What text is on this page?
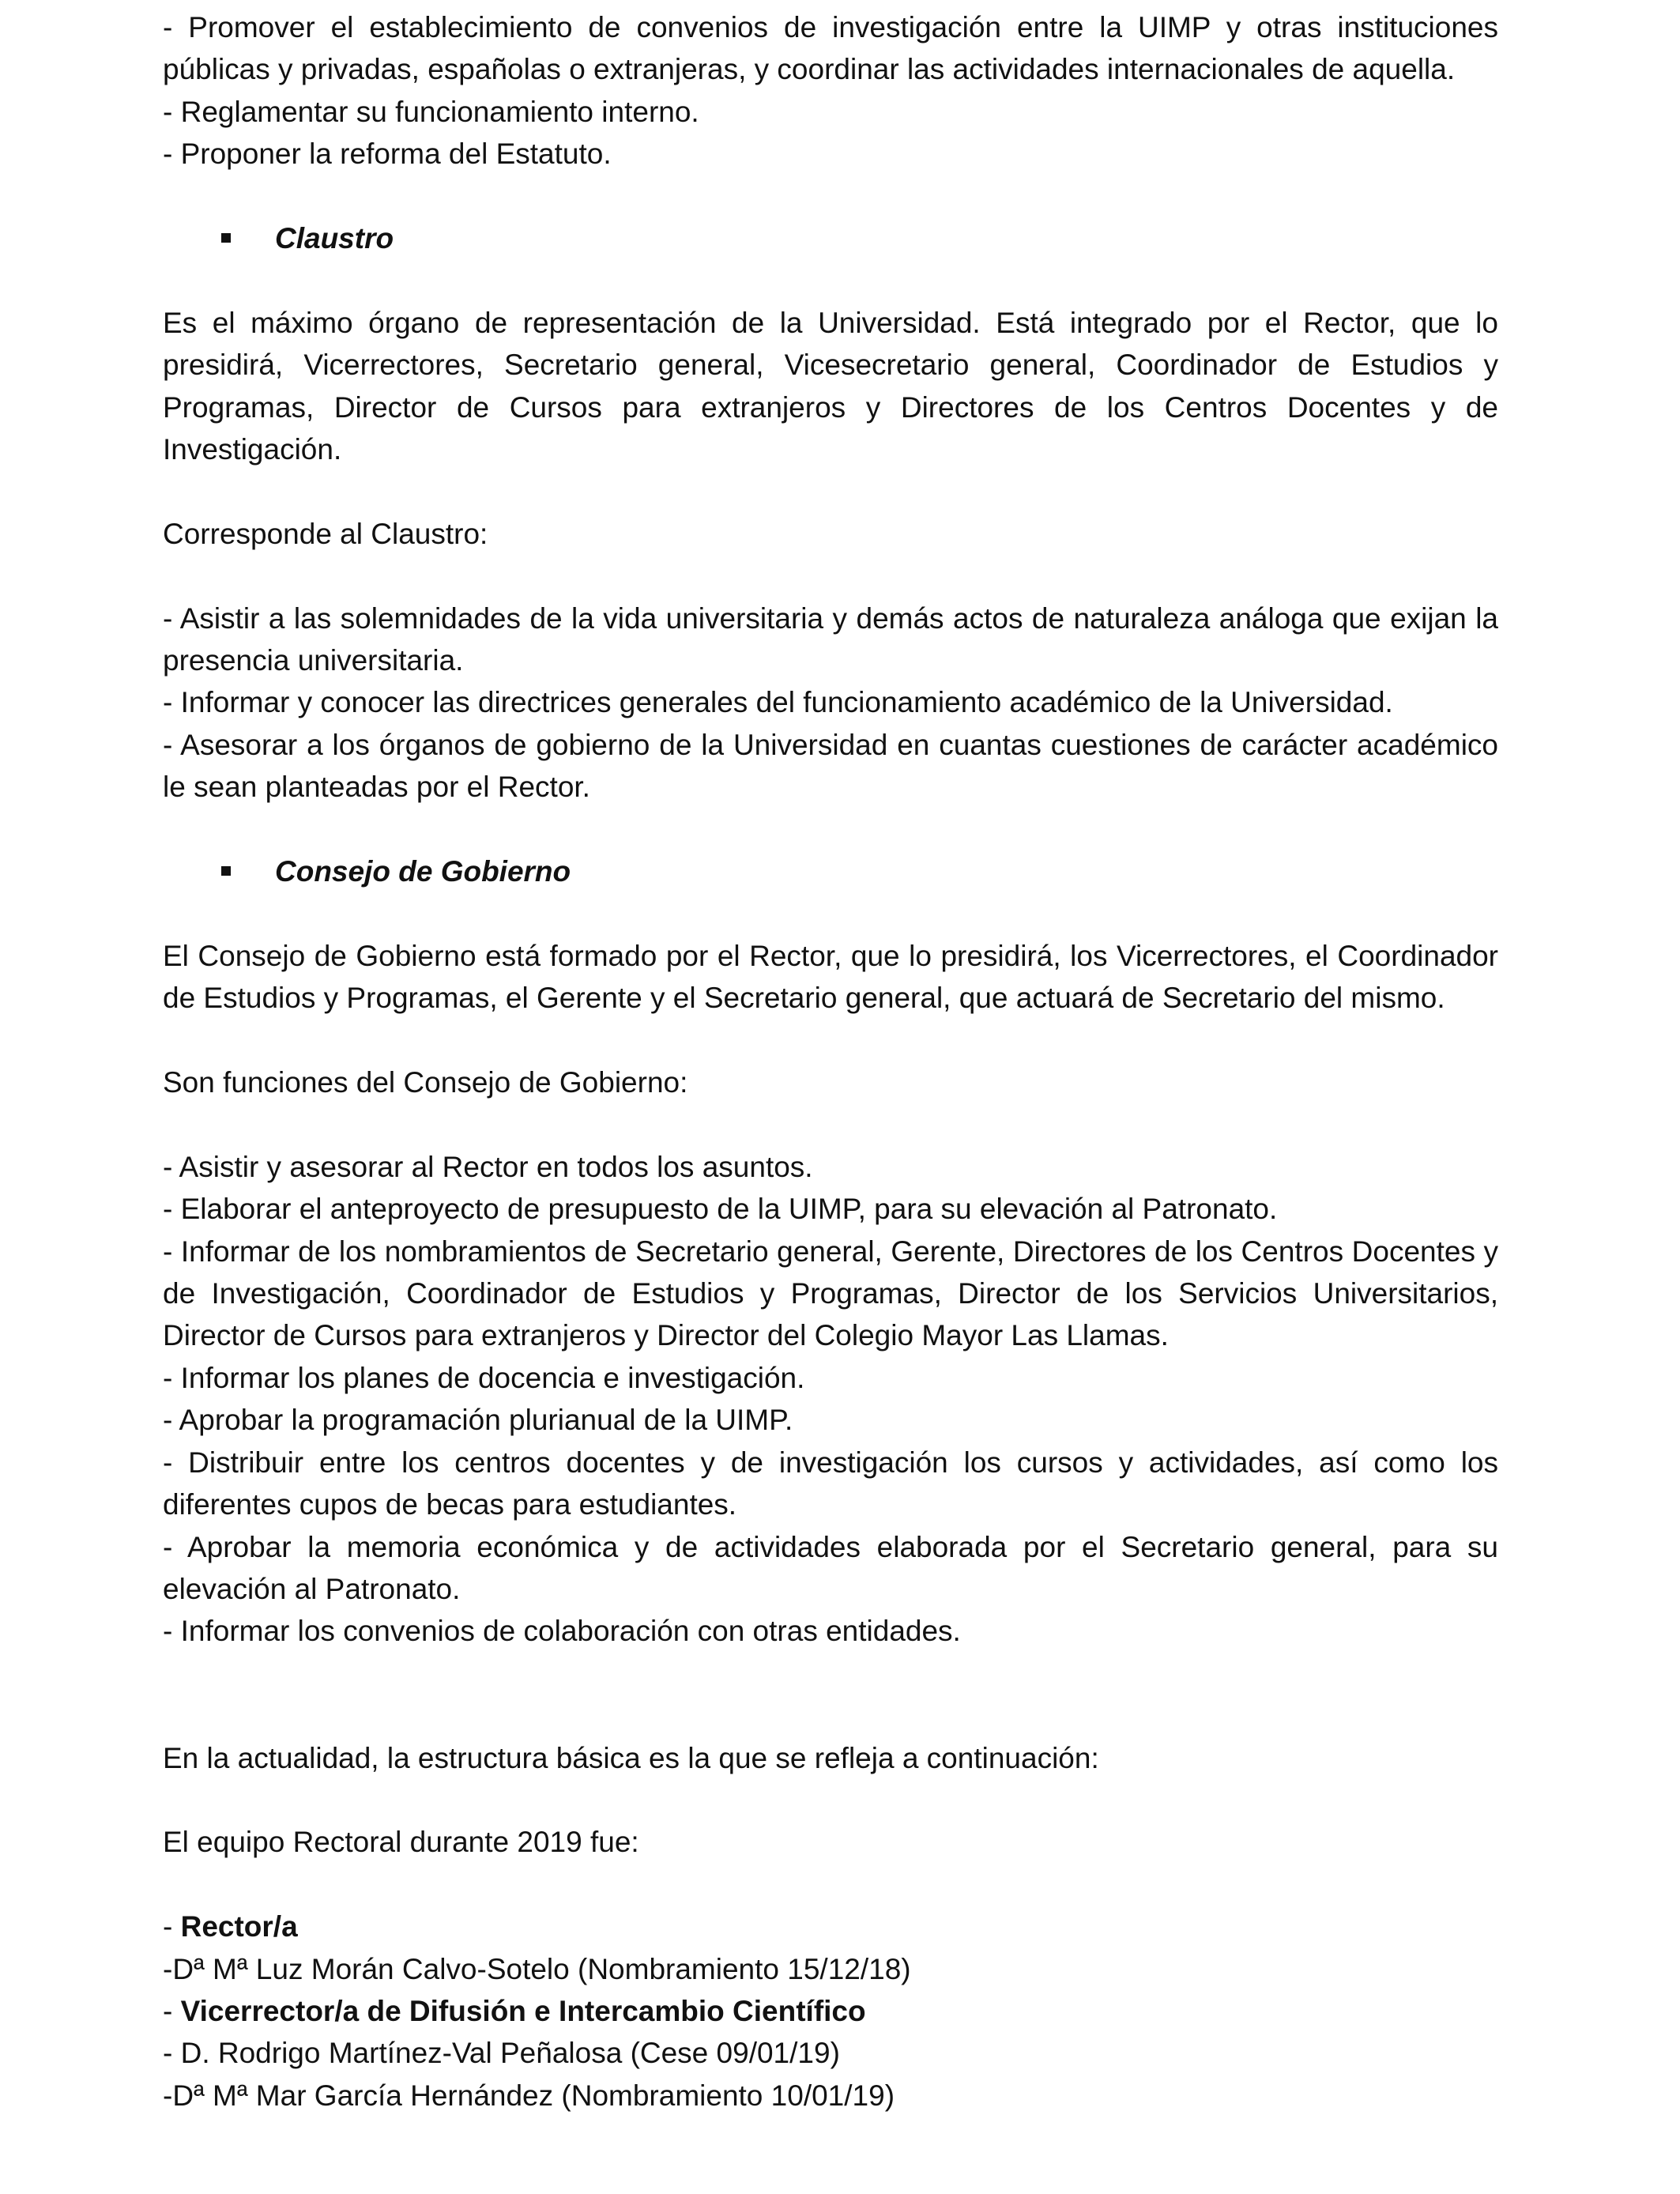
- Promover el establecimiento de convenios de investigación entre la UIMP y otras instituciones públicas y privadas, españolas o extranjeras, y coordinar las actividades internacionales de aquella.

- Reglamentar su funcionamiento interno.

- Proponer la reforma del Estatuto.

Claustro

Es el máximo órgano de representación de la Universidad. Está integrado por el Rector, que lo presidirá, Vicerrectores, Secretario general, Vicesecretario general, Coordinador de Estudios y Programas, Director de Cursos para extranjeros y Directores de los Centros Docentes y de Investigación.

Corresponde al Claustro:

- Asistir a las solemnidades de la vida universitaria y demás actos de naturaleza análoga que exijan la presencia universitaria.

- Informar y conocer las directrices generales del funcionamiento académico de la Universidad.

- Asesorar a los órganos de gobierno de la Universidad en cuantas cuestiones de carácter académico le sean planteadas por el Rector.

Consejo de Gobierno

El Consejo de Gobierno está formado por el Rector, que lo presidirá, los Vicerrectores, el Coordinador de Estudios y Programas, el Gerente y el Secretario general, que actuará de Secretario del mismo.

Son funciones del Consejo de Gobierno:

- Asistir y asesorar al Rector en todos los asuntos.

- Elaborar el anteproyecto de presupuesto de la UIMP, para su elevación al Patronato.

- Informar de los nombramientos de Secretario general, Gerente, Directores de los Centros Docentes y de Investigación, Coordinador de Estudios y Programas, Director de los Servicios Universitarios, Director de Cursos para extranjeros y Director del Colegio Mayor Las Llamas.

- Informar los planes de docencia e investigación.

- Aprobar la programación plurianual de la UIMP.

- Distribuir entre los centros docentes y de investigación los cursos y actividades, así como los diferentes cupos de becas para estudiantes.

- Aprobar la memoria económica y de actividades elaborada por el Secretario general, para su elevación al Patronato.

- Informar los convenios de colaboración con otras entidades.

En la actualidad, la estructura básica es la que se refleja a continuación:

El equipo Rectoral durante 2019 fue:

- Rector/a

-Dª Mª Luz Morán Calvo-Sotelo (Nombramiento 15/12/18)

- Vicerrector/a de Difusión e Intercambio Científico

- D. Rodrigo Martínez-Val Peñalosa (Cese 09/01/19)

-Dª Mª Mar García Hernández (Nombramiento 10/01/19)
